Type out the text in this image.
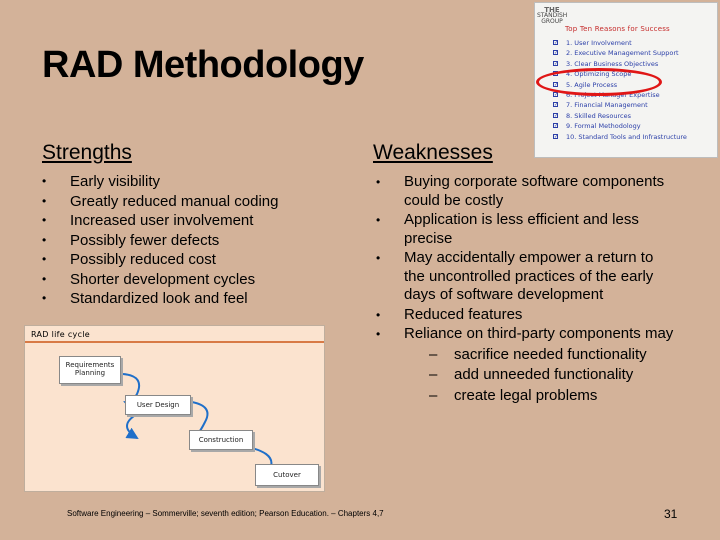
RAD Methodology
Strengths	Weaknesses
• Early visibility
• Greatly reduced manual coding
• Increased user involvement
• Possibly fewer defects
• Possibly reduced cost
• Shorter development cycles
• Standardized look and feel
• Buying corporate software components could be costly
• Application is less efficient and less precise
• May accidentally empower a return to the uncontrolled practices of the early days of software development
• Reduced features
• Reliance on third-party components may
– sacrifice needed functionality
– add unneeded functionality
– create legal problems
THE
STANDISH GROUP
Top Ten Reasons for Success
✓ 1. User Involvement
✓ 2. Executive Management Support
✓ 3. Clear Business Objectives
✓ 4. Optimizing Scope
✓ 5. Agile Process
✓ 6. Project Manager Expertise
✓ 7. Financial Management
✓ 8. Skilled Resources
✓ 9. Formal Methodology
✓ 10. Standard Tools and Infrastructure
RAD life cycle
Requirements Planning
User Design
Construction
Cutover
Software Engineering – Sommerville; seventh edition; Pearson Education. – Chapters 4,7	31
